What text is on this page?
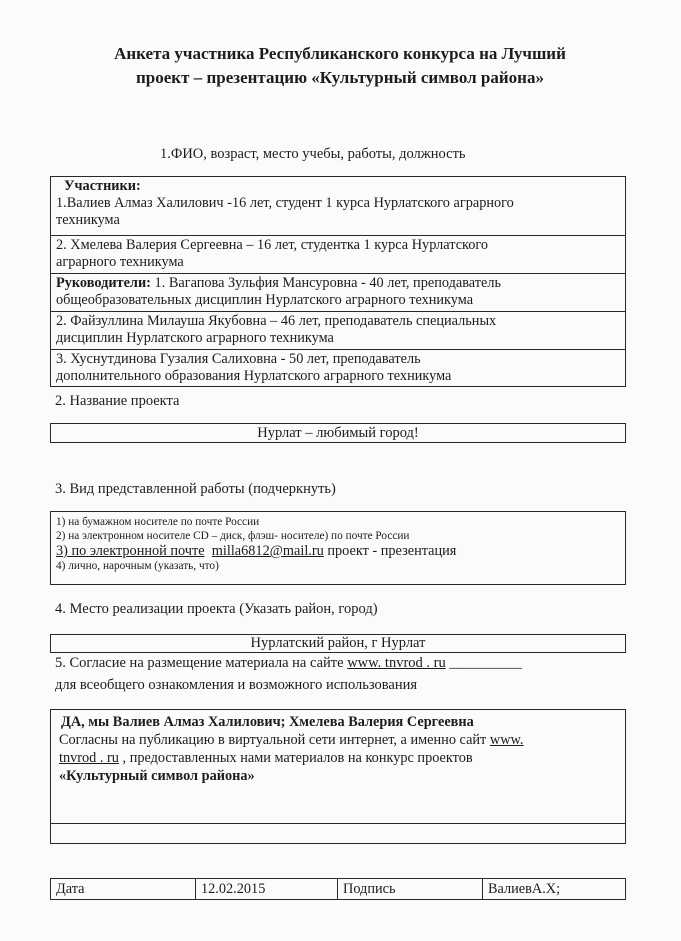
Анкета участника Республиканского конкурса на Лучший
проект – презентацию «Культурный символ района»
1.ФИО, возраст, место учебы, работы, должность
Участники:
1.Валиев Алмаз Халилович -16 лет, студент 1 курса Нурлатского аграрного
техникума
2. Хмелева Валерия Сергеевна – 16 лет, студентка 1 курса Нурлатского
аграрного техникума
Руководители: 1. Вагапова Зульфия Мансуровна - 40 лет, преподаватель
общеобразовательных дисциплин Нурлатского аграрного техникума
2. Файзуллина Милауша Якубовна – 46 лет, преподаватель специальных
дисциплин Нурлатского аграрного техникума
3. Хуснутдинова Гузалия Салиховна - 50 лет, преподаватель
дополнительного образования Нурлатского аграрного техникума
2. Название проекта
Нурлат – любимый город!
3. Вид представленной работы (подчеркнуть)
1) на бумажном носителе по почте России
2) на электронном носителе CD – диск, флэш- носителе) по почте России
3) по электронной почте milla6812@mail.ru проект - презентация
4) лично, нарочным (указать, что)
4. Место реализации проекта (Указать район, город)
Нурлатский район, г Нурлат
5. Согласие на размещение материала на сайте www. tnvrod . ru __________
для всеобщего ознакомления и возможного использования
ДА, мы Валиев Алмаз Халилович; Хмелева Валерия Сергеевна
Согласны на публикацию в виртуальной сети интернет, а именно сайт www.
tnvrod . ru , предоставленных нами материалов на конкурс проектов
«Культурный символ района»
Дата	12.02.2015	Подпись	ВалиевА.Х;
